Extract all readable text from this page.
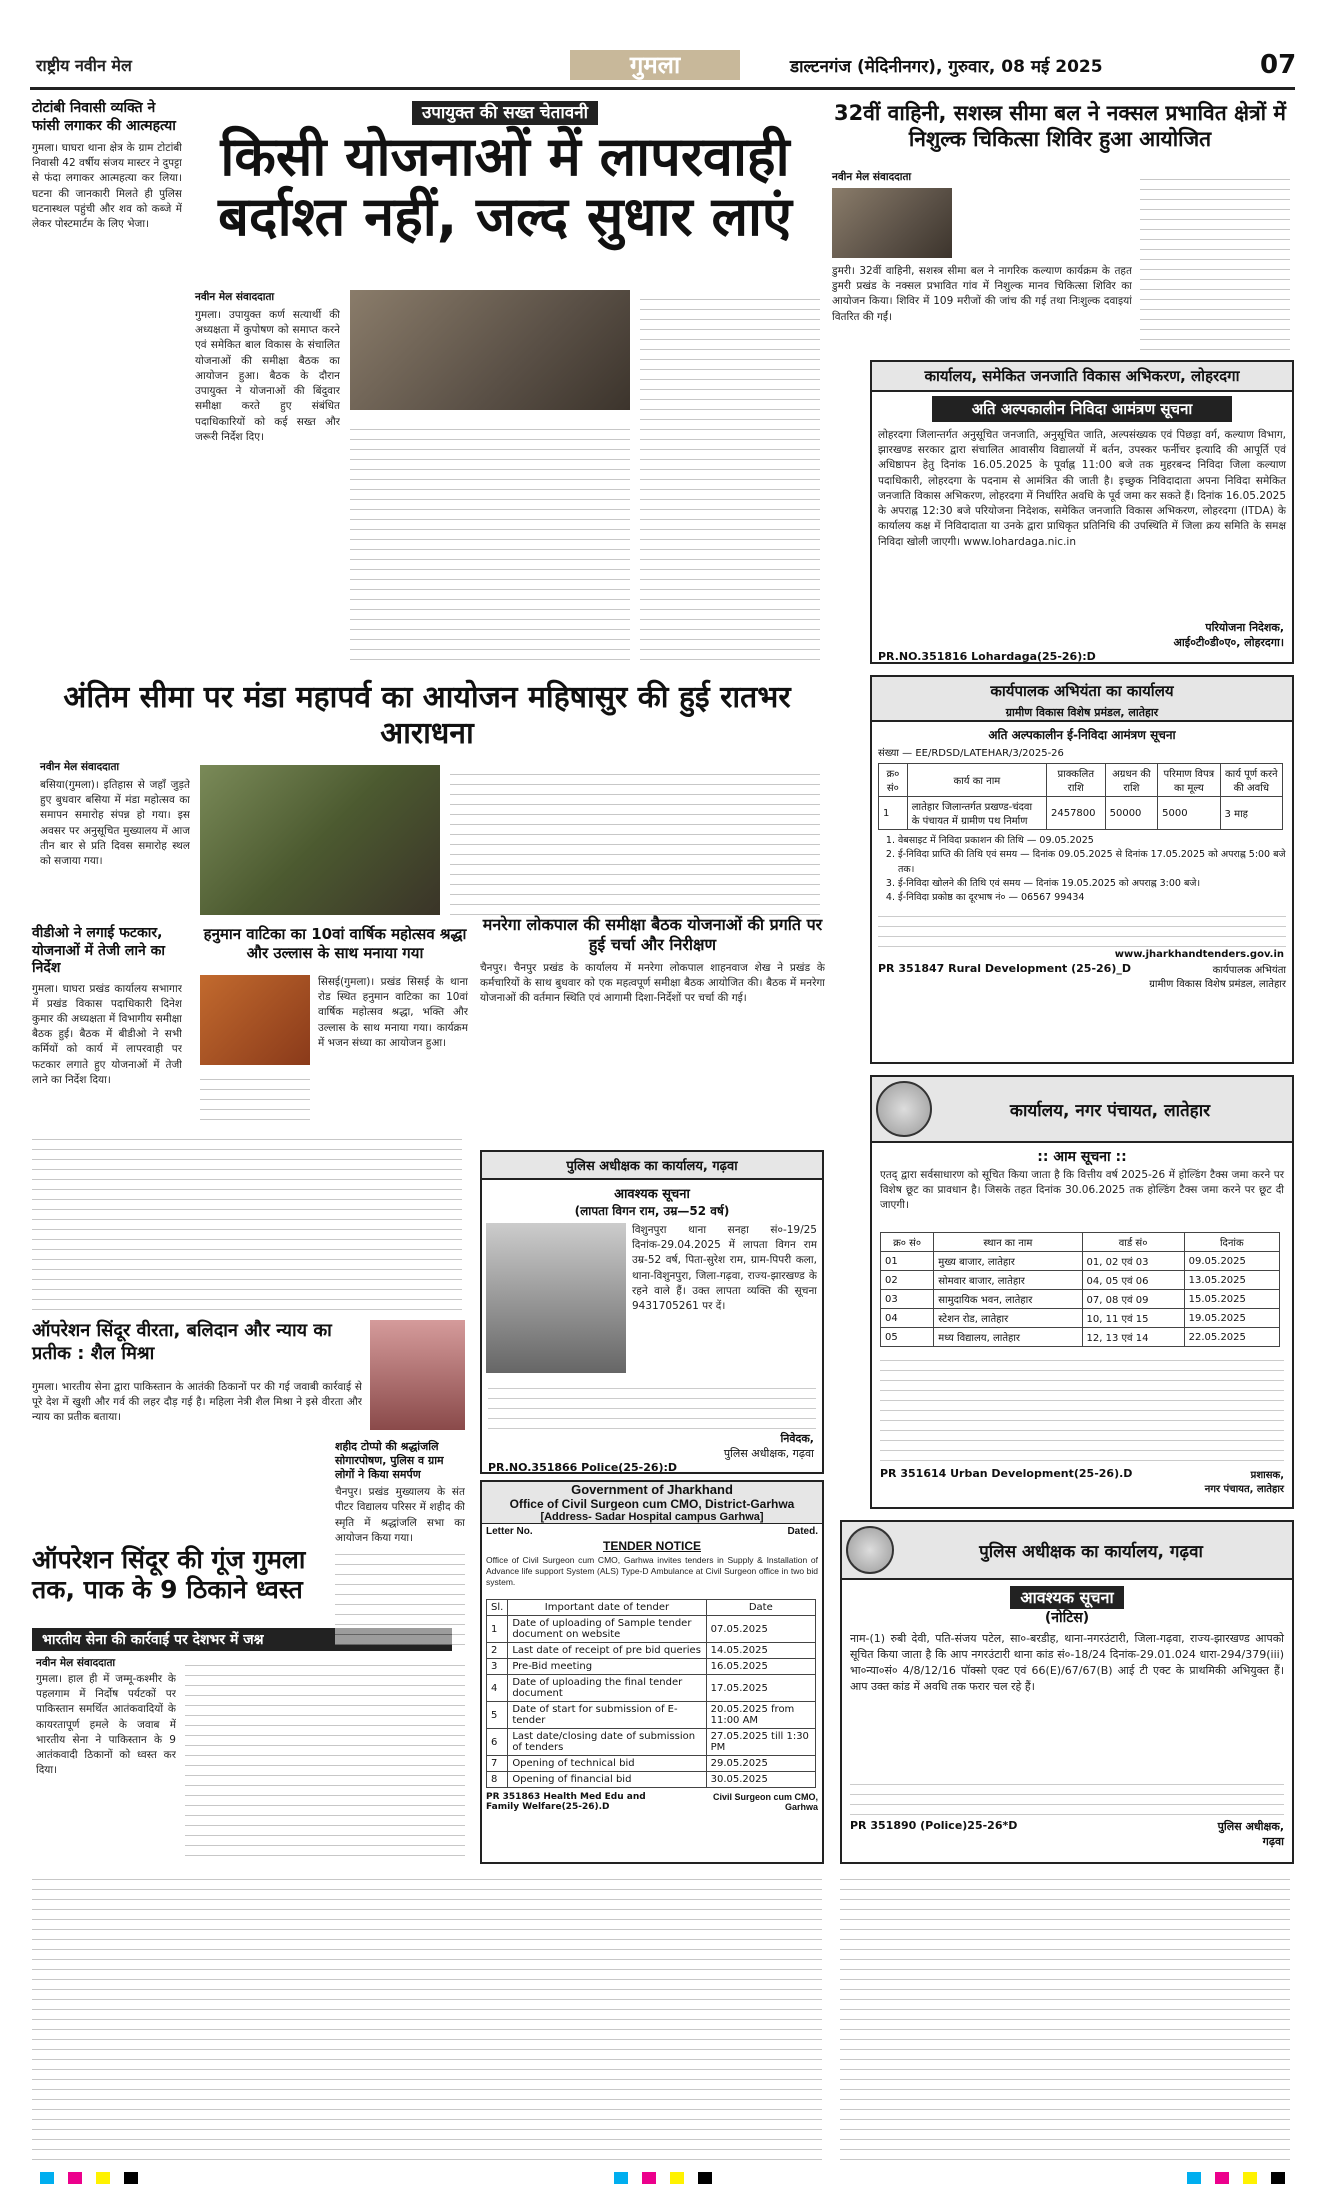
राष्ट्रीय नवीन मेल	गुमला	डाल्टनगंज (मेदिनीनगर), गुरुवार, 08 मई 2025	07
टोटांबी निवासी व्यक्ति ने फांसी लगाकर की आत्महत्या
गुमला। घाघरा थाना क्षेत्र के ग्राम टोटांबी निवासी 42 वर्षीय संजय मास्टर ने दुपट्टा से फंदा लगाकर आत्महत्या कर लिया। घटना की जानकारी मिलते ही पुलिस घटनास्थल पहुंची और शव को कब्जे में लेकर पोस्टमार्टम के लिए भेजा।
उपायुक्त की सख्त चेतावनी
किसी योजनाओं में लापरवाही बर्दाश्त नहीं, जल्द सुधार लाएं
नवीन मेल संवाददाता
गुमला। उपायुक्त कर्ण सत्यार्थी की अध्यक्षता में कुपोषण को समाप्त करने एवं समेकित बाल विकास के संचालित योजनाओं की समीक्षा बैठक का आयोजन हुआ। बैठक के दौरान उपायुक्त ने योजनाओं की बिंदुवार समीक्षा करते हुए संबंधित पदाधिकारियों को कई सख्त और जरूरी निर्देश दिए।
32वीं वाहिनी, सशस्त्र सीमा बल ने नक्सल प्रभावित क्षेत्रों में निशुल्क चिकित्सा शिविर हुआ आयोजित
नवीन मेल संवाददाता
डुमरी। 32वीं वाहिनी, सशस्त्र सीमा बल ने नागरिक कल्याण कार्यक्रम के तहत डुमरी प्रखंड के नक्सल प्रभावित गांव में निशुल्क मानव चिकित्सा शिविर का आयोजन किया। शिविर में 109 मरीजों की जांच की गई तथा निःशुल्क दवाइयां वितरित की गईं।
कार्यालय, समेकित जनजाति विकास अभिकरण, लोहरदगा
अति अल्पकालीन निविदा आमंत्रण सूचना
लोहरदगा जिलान्तर्गत अनुसूचित जनजाति, अनुसूचित जाति, अल्पसंख्यक एवं पिछड़ा वर्ग, कल्याण विभाग, झारखण्ड सरकार द्वारा संचालित आवासीय विद्यालयों में बर्तन, उपस्कर फर्नीचर इत्यादि की आपूर्ति एवं अधिष्ठापन हेतु दिनांक 16.05.2025 के पूर्वाह्न 11:00 बजे तक मुहरबन्द निविदा जिला कल्याण पदाधिकारी, लोहरदगा के पदनाम से आमंत्रित की जाती है। इच्छुक निविदादाता अपना निविदा समेकित जनजाति विकास अभिकरण, लोहरदगा में निर्धारित अवधि के पूर्व जमा कर सकते हैं। दिनांक 16.05.2025 के अपराह्न 12:30 बजे परियोजना निदेशक, समेकित जनजाति विकास अभिकरण, लोहरदगा (ITDA) के कार्यालय कक्ष में निविदादाता या उनके द्वारा प्राधिकृत प्रतिनिधि की उपस्थिति में जिला क्रय समिति के समक्ष निविदा खोली जाएगी। www.lohardaga.nic.in
परियोजना निदेशक,
आई०टी०डी०ए०, लोहरदगा।
PR.NO.351816 Lohardaga(25-26):D
अंतिम सीमा पर मंडा महापर्व का आयोजन महिषासुर की हुई रातभर आराधना
नवीन मेल संवाददाता
बसिया(गुमला)। इतिहास से जहाँ जुड़ते हुए बुधवार बसिया में मंडा महोत्सव का समापन समारोह संपन्न हो गया। इस अवसर पर अनुसूचित मुख्यालय में आज तीन बार से प्रति दिवस समारोह स्थल को सजाया गया।
वीडीओ ने लगाई फटकार, योजनाओं में तेजी लाने का निर्देश
गुमला। घाघरा प्रखंड कार्यालय सभागार में प्रखंड विकास पदाधिकारी दिनेश कुमार की अध्यक्षता में विभागीय समीक्षा बैठक हुई। बैठक में बीडीओ ने सभी कर्मियों को कार्य में लापरवाही पर फटकार लगाते हुए योजनाओं में तेजी लाने का निर्देश दिया।
हनुमान वाटिका का 10वां वार्षिक महोत्सव श्रद्धा और उल्लास के साथ मनाया गया
सिसई(गुमला)। प्रखंड सिसई के थाना रोड स्थित हनुमान वाटिका का 10वां वार्षिक महोत्सव श्रद्धा, भक्ति और उल्लास के साथ मनाया गया। कार्यक्रम में भजन संध्या का आयोजन हुआ।
मनरेगा लोकपाल की समीक्षा बैठक योजनाओं की प्रगति पर हुई चर्चा और निरीक्षण
चैनपुर। चैनपुर प्रखंड के कार्यालय में मनरेगा लोकपाल शाहनवाज शेख ने प्रखंड के कर्मचारियों के साथ बुधवार को एक महत्वपूर्ण समीक्षा बैठक आयोजित की। बैठक में मनरेगा योजनाओं की वर्तमान स्थिति एवं आगामी दिशा-निर्देशों पर चर्चा की गई।
पुलिस अधीक्षक का कार्यालय, गढ़वा
आवश्यक सूचना
(लापता विगन राम, उम्र—52 वर्ष)
विशुनपुरा थाना सनहा सं०-19/25 दिनांक-29.04.2025 में लापता विगन राम उम्र-52 वर्ष, पिता-सुरेश राम, ग्राम-पिपरी कला, थाना-विशुनपुरा, जिला-गढ़वा, राज्य-झारखण्ड के रहने वाले हैं। उक्त लापता व्यक्ति की सूचना 9431705261 पर दें।
निवेदक,
पुलिस अधीक्षक, गढ़वा
PR.NO.351866 Police(25-26):D
ऑपरेशन सिंदूर वीरता, बलिदान और न्याय का प्रतीक : शैल मिश्रा
गुमला। भारतीय सेना द्वारा पाकिस्तान के आतंकी ठिकानों पर की गई जवाबी कार्रवाई से पूरे देश में खुशी और गर्व की लहर दौड़ गई है। महिला नेत्री शैल मिश्रा ने इसे वीरता और न्याय का प्रतीक बताया।
शहीद टोप्पो की श्रद्धांजलि सोगारपोषण, पुलिस व ग्राम लोगों ने किया समर्पण
चैनपुर। प्रखंड मुख्यालय के संत पीटर विद्यालय परिसर में शहीद की स्मृति में श्रद्धांजलि सभा का आयोजन किया गया।
ऑपरेशन सिंदूर की गूंज गुमला तक, पाक के 9 ठिकाने ध्वस्त
भारतीय सेना की कार्रवाई पर देशभर में जश्न
नवीन मेल संवाददाता
गुमला। हाल ही में जम्मू-कश्मीर के पहलगाम में निर्दोष पर्यटकों पर पाकिस्तान समर्थित आतंकवादियों के कायरतापूर्ण हमले के जवाब में भारतीय सेना ने पाकिस्तान के 9 आतंकवादी ठिकानों को ध्वस्त कर दिया।
Government of Jharkhand
Office of Civil Surgeon cum CMO, District-Garhwa
[Address- Sadar Hospital campus Garhwa]
Letter No.	Dated.
TENDER NOTICE
Office of Civil Surgeon cum CMO, Garhwa invites tenders in Supply & Installation of Advance life support System (ALS) Type-D Ambulance at Civil Surgeon office in two bid system.
Sl.	Important date of tender	Date
1	Date of uploading of Sample tender document on website	07.05.2025
2	Last date of receipt of pre bid queries	14.05.2025
3	Pre-Bid meeting	16.05.2025
4	Date of uploading the final tender document	17.05.2025
5	Date of start for submission of E-tender	20.05.2025 from 11:00 AM
6	Last date/closing date of submission of tenders	27.05.2025 till 1:30 PM
7	Opening of technical bid	29.05.2025
8	Opening of financial bid	30.05.2025
PR 351863 Health Med Edu and Family Welfare(25-26).D
Civil Surgeon cum CMO, Garhwa
कार्यपालक अभियंता का कार्यालय
ग्रामीण विकास विशेष प्रमंडल, लातेहार
अति अल्पकालीन ई-निविदा आमंत्रण सूचना
संख्या — EE/RDSD/LATEHAR/3/2025-26
क्र० सं०	कार्य का नाम	प्राक्कलित राशि	अग्रधन की राशि	परिमाण विपत्र का मूल्य	कार्य पूर्ण करने की अवधि
1	लातेहार जिलान्तर्गत प्रखण्ड-चंदवा के पंचायत में ग्रामीण पथ निर्माण	2457800	50000	5000	3 माह
1. वेबसाइट में निविदा प्रकाशन की तिथि — 09.05.2025
2. ई-निविदा प्राप्ति की तिथि एवं समय — दिनांक 09.05.2025 से दिनांक 17.05.2025 को अपराह्न 5:00 बजे तक।
3. ई-निविदा खोलने की तिथि एवं समय — दिनांक 19.05.2025 को अपराह्न 3:00 बजे।
4. ई-निविदा प्रकोष्ठ का दूरभाष नं० — 06567 99434
www.jharkhandtenders.gov.in
PR 351847 Rural Development (25-26)_D	कार्यपालक अभियंता
ग्रामीण विकास विशेष प्रमंडल, लातेहार
कार्यालय, नगर पंचायत, लातेहार
:: आम सूचना ::
एतद् द्वारा सर्वसाधारण को सूचित किया जाता है कि वित्तीय वर्ष 2025-26 में होल्डिंग टैक्स जमा करने पर विशेष छूट का प्रावधान है। जिसके तहत दिनांक 30.06.2025 तक होल्डिंग टैक्स जमा करने पर छूट दी जाएगी।
क्र० सं०	स्थान का नाम	वार्ड सं०	दिनांक
01	मुख्य बाजार, लातेहार	01, 02 एवं 03	09.05.2025
02	सोमवार बाजार, लातेहार	04, 05 एवं 06	13.05.2025
03	सामुदायिक भवन, लातेहार	07, 08 एवं 09	15.05.2025
04	स्टेशन रोड, लातेहार	10, 11 एवं 15	19.05.2025
05	मध्य विद्यालय, लातेहार	12, 13 एवं 14	22.05.2025
PR 351614 Urban Development(25-26).D	प्रशासक,
नगर पंचायत, लातेहार
पुलिस अधीक्षक का कार्यालय, गढ़वा
आवश्यक सूचना
(नोटिस)
नाम-(1) रुबी देवी, पति-संजय पटेल, सा०-बरडीह, थाना-नगरउंटारी, जिला-गढ़वा, राज्य-झारखण्ड आपको सूचित किया जाता है कि आप नगरउंटारी थाना कांड सं०-18/24 दिनांक-29.01.024 धारा-294/379(iii) भा०न्या०सं० 4/8/12/16 पॉक्सो एक्ट एवं 66(E)/67/67(B) आई टी एक्ट के प्राथमिकी अभियुक्त हैं। आप उक्त कांड में अवधि तक फरार चल रहे हैं।
PR 351890 (Police)25-26*D	पुलिस अधीक्षक,
गढ़वा
